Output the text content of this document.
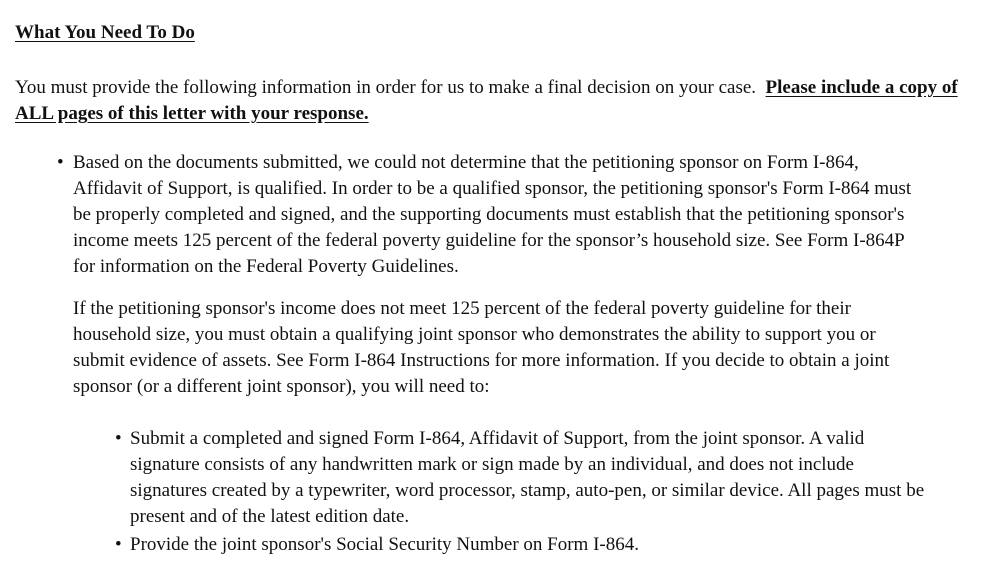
What You Need To Do
You must provide the following information in order for us to make a final decision on your case. Please include a copy of ALL pages of this letter with your response.
• Based on the documents submitted, we could not determine that the petitioning sponsor on Form I-864,
Affidavit of Support, is qualified. In order to be a qualified sponsor, the petitioning sponsor's Form I-864 must
be properly completed and signed, and the supporting documents must establish that the petitioning sponsor's
income meets 125 percent of the federal poverty guideline for the sponsor’s household size. See Form I-864P
for information on the Federal Poverty Guidelines.
If the petitioning sponsor's income does not meet 125 percent of the federal poverty guideline for their
household size, you must obtain a qualifying joint sponsor who demonstrates the ability to support you or
submit evidence of assets. See Form I-864 Instructions for more information. If you decide to obtain a joint
sponsor (or a different joint sponsor), you will need to:
• Submit a completed and signed Form I-864, Affidavit of Support, from the joint sponsor. A valid
signature consists of any handwritten mark or sign made by an individual, and does not include
signatures created by a typewriter, word processor, stamp, auto-pen, or similar device. All pages must be
present and of the latest edition date.
• Provide the joint sponsor's Social Security Number on Form I-864.
